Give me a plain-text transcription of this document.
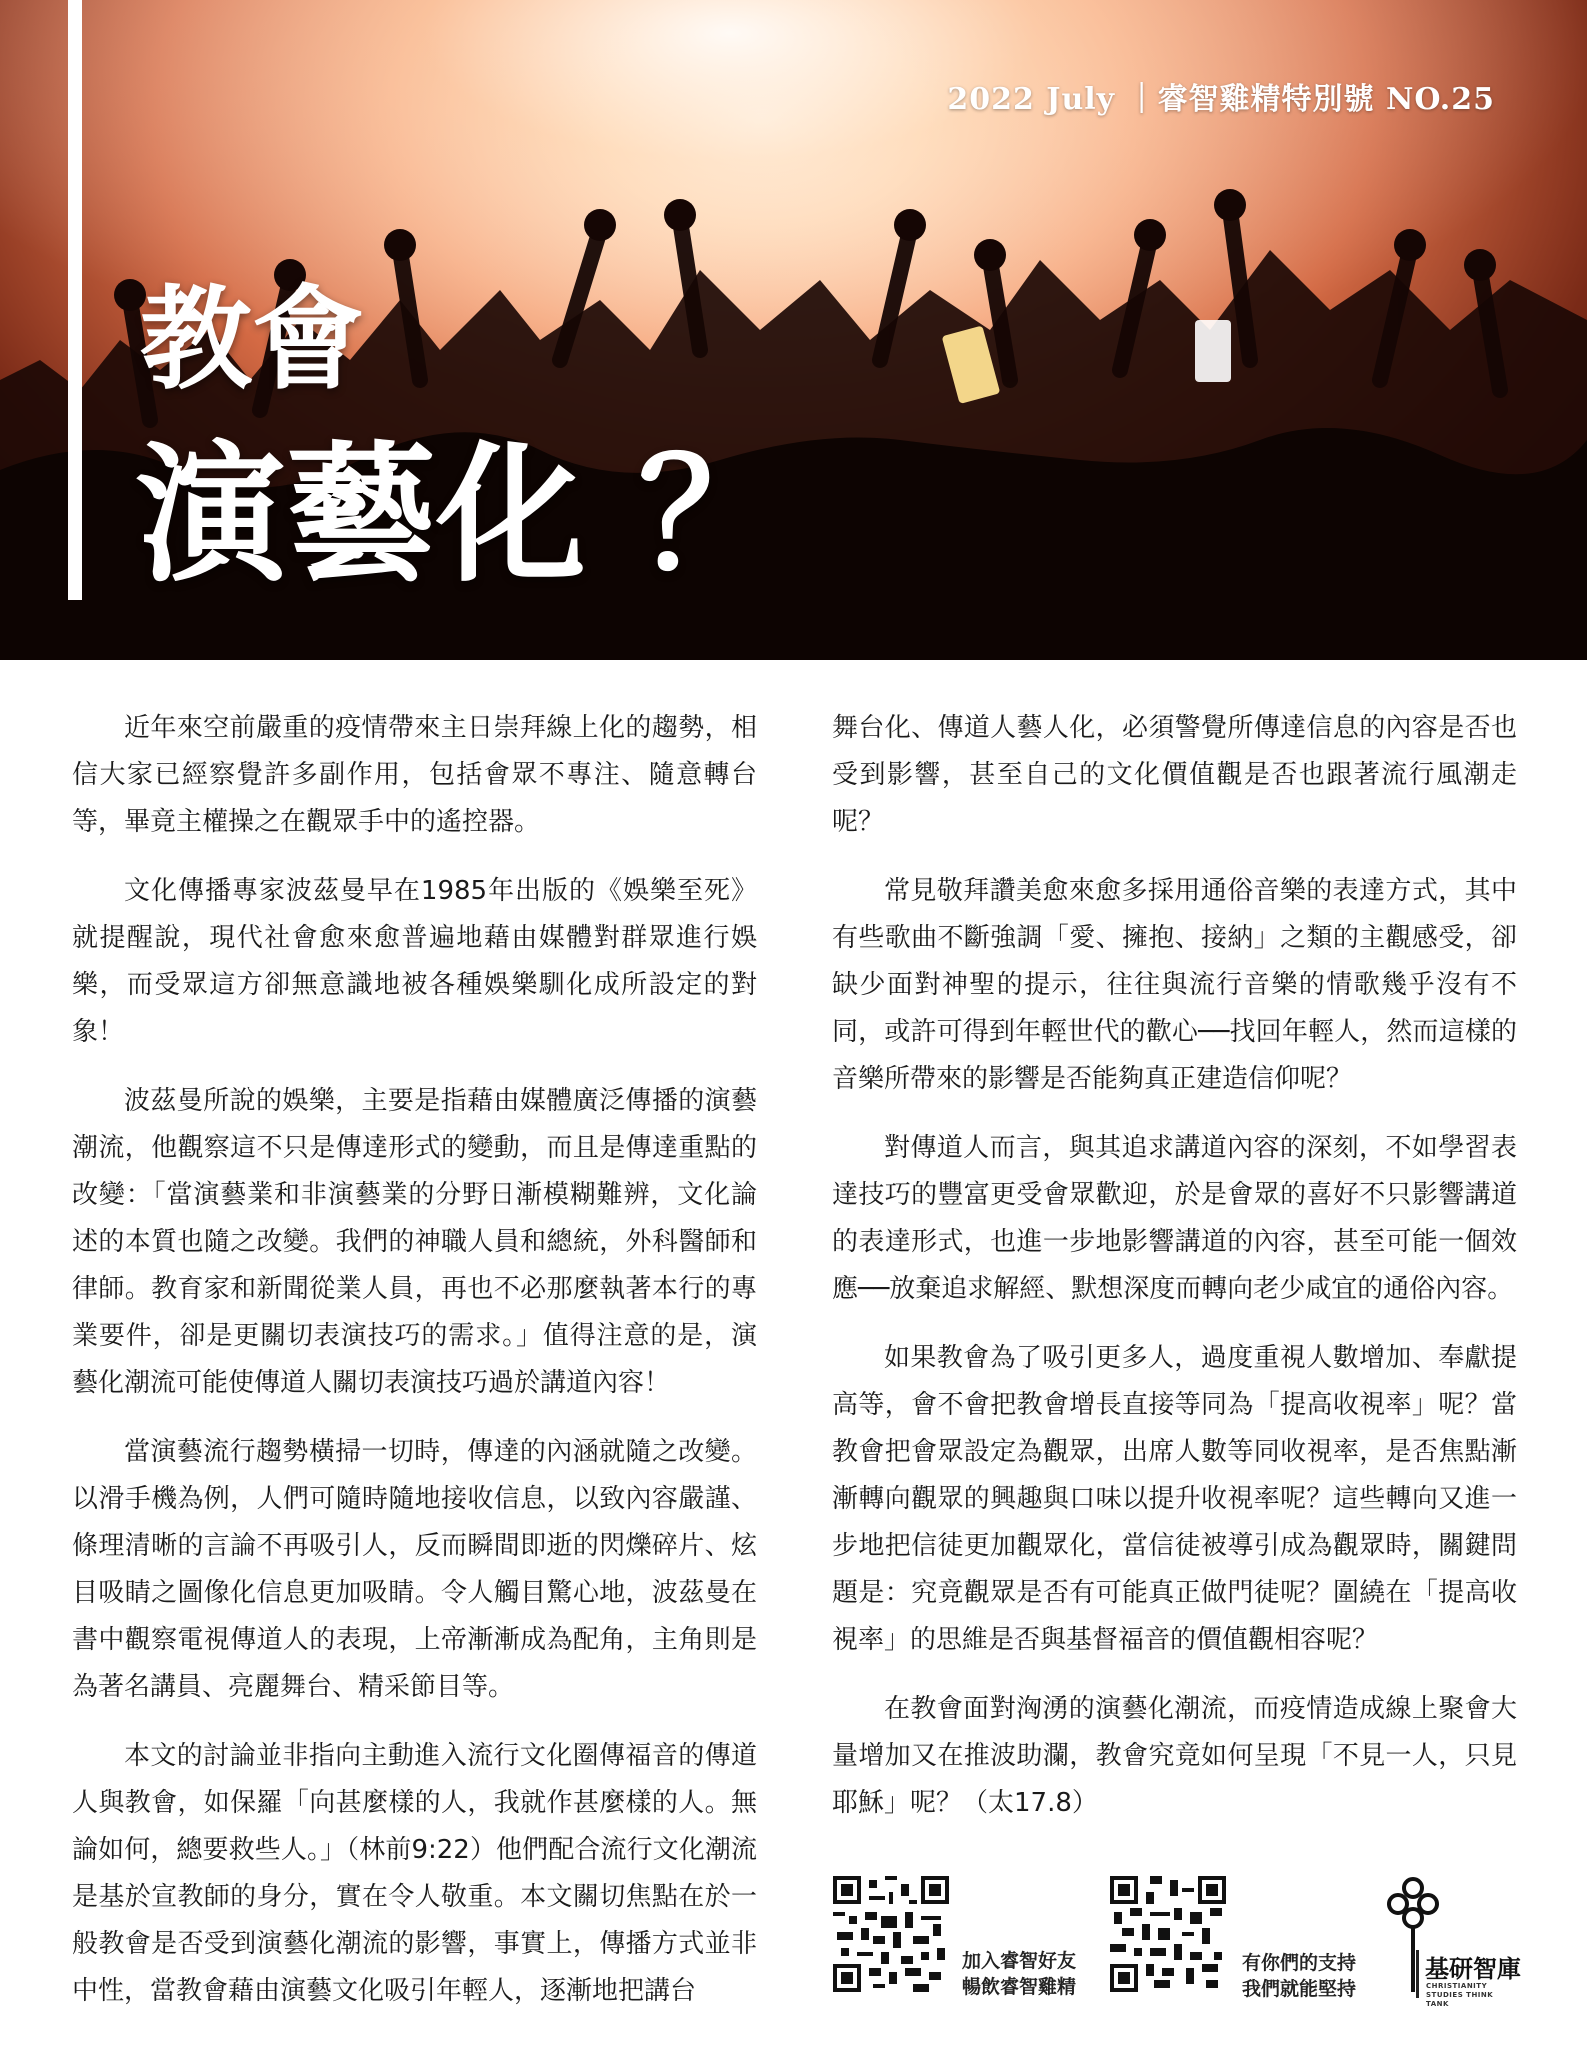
2022 July ｜睿智雞精特別號 NO.25
教會
演藝化 ？

近年來空前嚴重的疫情帶來主日崇拜線上化的趨勢，相信大家已經察覺許多副作用，包括會眾不專注、隨意轉台等，畢竟主權操之在觀眾手中的遙控器。

文化傳播專家波茲曼早在1985年出版的《娛樂至死》就提醒說，現代社會愈來愈普遍地藉由媒體對群眾進行娛樂，而受眾這方卻無意識地被各種娛樂馴化成所設定的對象！

波茲曼所說的娛樂，主要是指藉由媒體廣泛傳播的演藝潮流，他觀察這不只是傳達形式的變動，而且是傳達重點的改變：「當演藝業和非演藝業的分野日漸模糊難辨，文化論述的本質也隨之改變。我們的神職人員和總統，外科醫師和律師。教育家和新聞從業人員，再也不必那麼執著本行的專業要件，卻是更關切表演技巧的需求。」值得注意的是，演藝化潮流可能使傳道人關切表演技巧過於講道內容！

當演藝流行趨勢橫掃一切時，傳達的內涵就隨之改變。以滑手機為例，人們可隨時隨地接收信息，以致內容嚴謹、條理清晰的言論不再吸引人，反而瞬間即逝的閃爍碎片、炫目吸睛之圖像化信息更加吸睛。令人觸目驚心地，波茲曼在書中觀察電視傳道人的表現，上帝漸漸成為配角，主角則是為著名講員、亮麗舞台、精采節目等。

本文的討論並非指向主動進入流行文化圈傳福音的傳道人與教會，如保羅「向甚麼樣的人，我就作甚麼樣的人。無論如何，總要救些人。」（林前9:22）他們配合流行文化潮流是基於宣教師的身分，實在令人敬重。本文關切焦點在於一般教會是否受到演藝化潮流的影響，事實上，傳播方式並非中性，當教會藉由演藝文化吸引年輕人，逐漸地把講台

舞台化、傳道人藝人化，必須警覺所傳達信息的內容是否也受到影響，甚至自己的文化價值觀是否也跟著流行風潮走呢？

常見敬拜讚美愈來愈多採用通俗音樂的表達方式，其中有些歌曲不斷強調「愛、擁抱、接納」之類的主觀感受，卻缺少面對神聖的提示，往往與流行音樂的情歌幾乎沒有不同，或許可得到年輕世代的歡心──找回年輕人，然而這樣的音樂所帶來的影響是否能夠真正建造信仰呢？

對傳道人而言，與其追求講道內容的深刻，不如學習表達技巧的豐富更受會眾歡迎，於是會眾的喜好不只影響講道的表達形式，也進一步地影響講道的內容，甚至可能一個效應──放棄追求解經、默想深度而轉向老少咸宜的通俗內容。

如果教會為了吸引更多人，過度重視人數增加、奉獻提高等，會不會把教會增長直接等同為「提高收視率」呢？當教會把會眾設定為觀眾，出席人數等同收視率，是否焦點漸漸轉向觀眾的興趣與口味以提升收視率呢？這些轉向又進一步地把信徒更加觀眾化，當信徒被導引成為觀眾時，關鍵問題是：究竟觀眾是否有可能真正做門徒呢？圍繞在「提高收視率」的思維是否與基督福音的價值觀相容呢？

在教會面對洶湧的演藝化潮流，而疫情造成線上聚會大量增加又在推波助瀾，教會究竟如何呈現「不見一人，只見耶穌」呢？（太17.8）

加入睿智好友
暢飲睿智雞精
有你們的支持
我們就能堅持
基研智庫
CHRISTIANITY STUDIES THINK TANK
